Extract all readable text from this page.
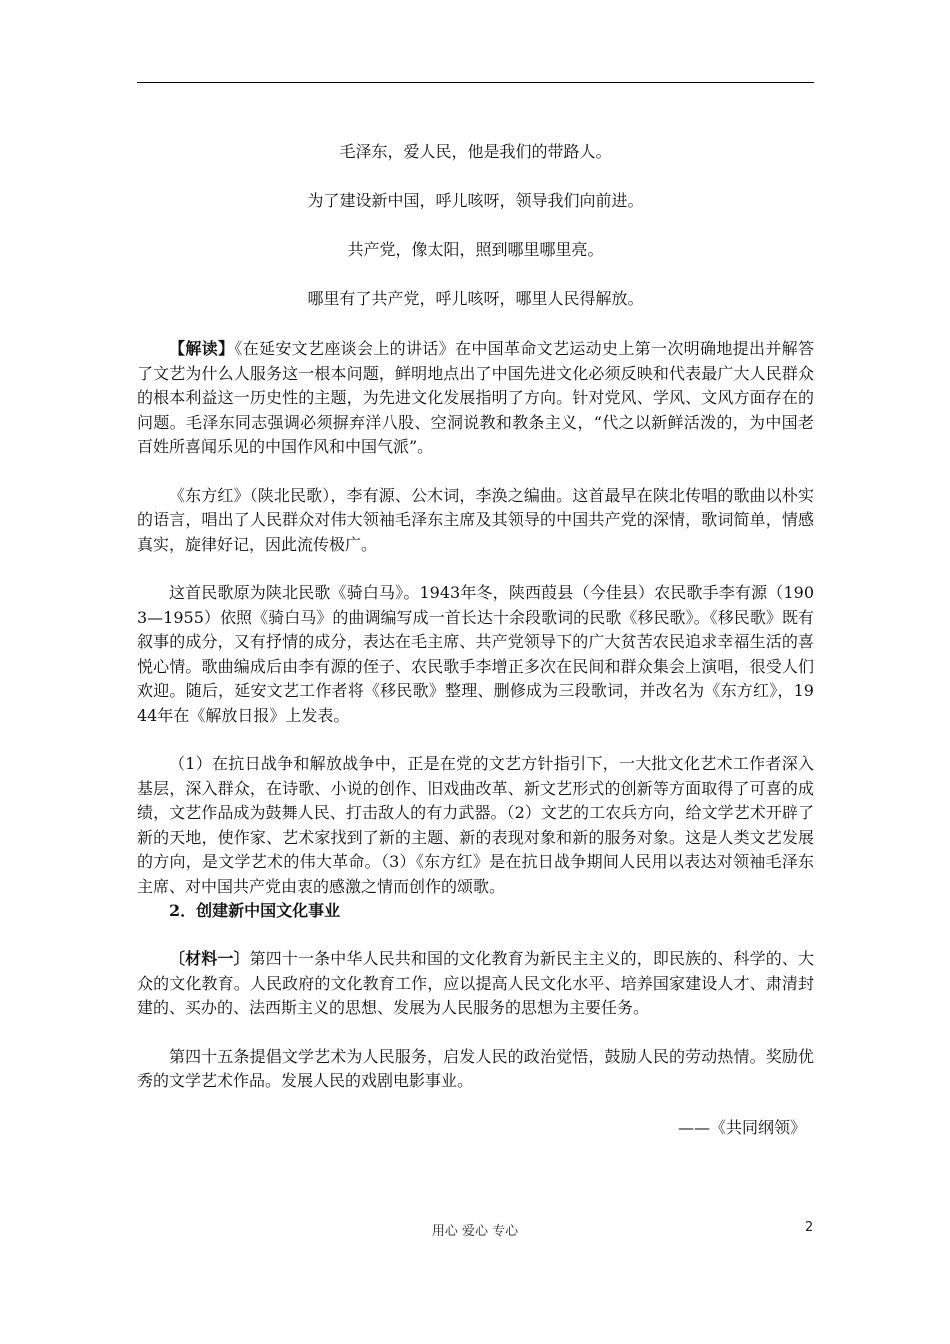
毛泽东，爱人民，他是我们的带路人。

为了建设新中国，呼儿咳呀，领导我们向前进。

共产党，像太阳，照到哪里哪里亮。

哪里有了共产党，呼儿咳呀，哪里人民得解放。

【解读】《在延安文艺座谈会上的讲话》在中国革命文艺运动史上第一次明确地提出并解答了文艺为什么人服务这一根本问题，鲜明地点出了中国先进文化必须反映和代表最广大人民群众的根本利益这一历史性的主题，为先进文化发展指明了方向。针对党风、学风、文风方面存在的问题。毛泽东同志强调必须摒弃洋八股、空洞说教和教条主义，“代之以新鲜活泼的，为中国老百姓所喜闻乐见的中国作风和中国气派”。

《东方红》（陕北民歌），李有源、公木词，李涣之编曲。这首最早在陕北传唱的歌曲以朴实的语言，唱出了人民群众对伟大领袖毛泽东主席及其领导的中国共产党的深情，歌词简单，情感真实，旋律好记，因此流传极广。

这首民歌原为陕北民歌《骑白马》。1943年冬，陕西葭县（今佳县）农民歌手李有源（1903—1955）依照《骑白马》的曲调编写成一首长达十余段歌词的民歌《移民歌》。《移民歌》既有叙事的成分，又有抒情的成分，表达在毛主席、共产党领导下的广大贫苦农民追求幸福生活的喜悦心情。歌曲编成后由李有源的侄子、农民歌手李增正多次在民间和群众集会上演唱，很受人们欢迎。随后，延安文艺工作者将《移民歌》整理、删修成为三段歌词，并改名为《东方红》，1944年在《解放日报》上发表。

（1）在抗日战争和解放战争中，正是在党的文艺方针指引下，一大批文化艺术工作者深入基层，深入群众，在诗歌、小说的创作、旧戏曲改革、新文艺形式的创新等方面取得了可喜的成绩，文艺作品成为鼓舞人民、打击敌人的有力武器。（2）文艺的工农兵方向，给文学艺术开辟了新的天地，使作家、艺术家找到了新的主题、新的表现对象和新的服务对象。这是人类文艺发展的方向，是文学艺术的伟大革命。（3）《东方红》是在抗日战争期间人民用以表达对领袖毛泽东主席、对中国共产党由衷的感激之情而创作的颂歌。

2．创建新中国文化事业

〔材料一〕第四十一条中华人民共和国的文化教育为新民主主义的，即民族的、科学的、大众的文化教育。人民政府的文化教育工作，应以提高人民文化水平、培养国家建设人才、肃清封建的、买办的、法西斯主义的思想、发展为人民服务的思想为主要任务。

第四十五条提倡文学艺术为人民服务，启发人民的政治觉悟，鼓励人民的劳动热情。奖励优秀的文学艺术作品。发展人民的戏剧电影事业。

——《共同纲领》

用心 爱心 专心	2
